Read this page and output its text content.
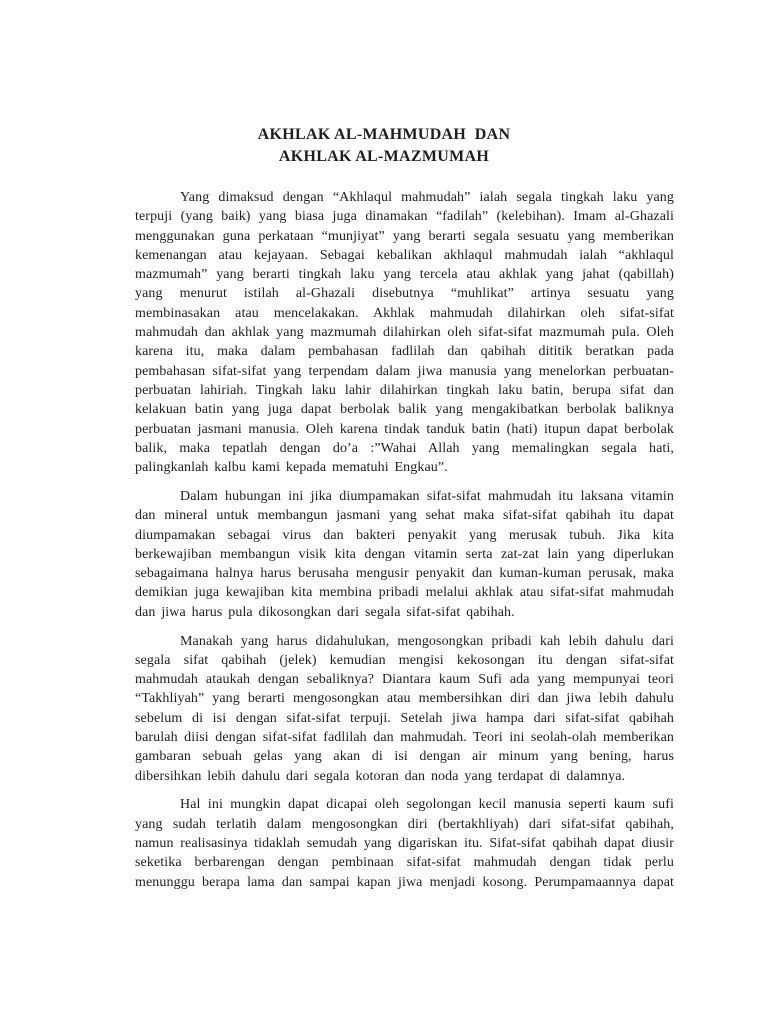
AKHLAK AL-MAHMUDAH  DAN
AKHLAK AL-MAZMUMAH

Yang dimaksud dengan “Akhlaqul mahmudah” ialah segala tingkah laku yang terpuji (yang baik) yang biasa juga dinamakan “fadilah” (kelebihan). Imam al-Ghazali menggunakan guna perkataan “munjiyat” yang berarti segala sesuatu yang memberikan kemenangan atau kejayaan. Sebagai kebalikan akhlaqul mahmudah ialah “akhlaqul mazmumah” yang berarti tingkah laku yang tercela atau akhlak yang jahat (qabillah) yang menurut istilah al-Ghazali disebutnya “muhlikat” artinya sesuatu yang membinasakan atau mencelakakan. Akhlak mahmudah dilahirkan oleh sifat-sifat mahmudah dan akhlak yang mazmumah dilahirkan oleh sifat-sifat mazmumah pula. Oleh karena itu, maka dalam pembahasan fadlilah dan qabihah dititik beratkan pada pembahasan sifat-sifat yang terpendam dalam jiwa manusia yang menelorkan perbuatan-perbuatan lahiriah. Tingkah laku lahir dilahirkan tingkah laku batin, berupa sifat dan kelakuan batin yang juga dapat berbolak balik yang mengakibatkan berbolak baliknya perbuatan jasmani manusia. Oleh karena tindak tanduk batin (hati) itupun dapat berbolak balik, maka tepatlah dengan do’a :”Wahai Allah yang memalingkan segala hati, palingkanlah kalbu kami kepada mematuhi Engkau”.

Dalam hubungan ini jika diumpamakan sifat-sifat mahmudah itu laksana vitamin dan mineral untuk membangun jasmani yang sehat maka sifat-sifat qabihah itu dapat diumpamakan sebagai virus dan bakteri penyakit yang merusak tubuh. Jika kita berkewajiban membangun visik kita dengan vitamin serta zat-zat lain yang diperlukan sebagaimana halnya harus berusaha mengusir penyakit dan kuman-kuman perusak, maka demikian juga kewajiban kita membina pribadi melalui akhlak atau sifat-sifat mahmudah dan jiwa harus pula dikosongkan dari segala sifat-sifat qabihah.

Manakah yang harus didahulukan, mengosongkan pribadi kah lebih dahulu dari segala sifat qabihah (jelek) kemudian mengisi kekosongan itu dengan sifat-sifat mahmudah ataukah dengan sebaliknya? Diantara kaum Sufi ada yang mempunyai teori “Takhliyah” yang berarti mengosongkan atau membersihkan diri dan jiwa lebih dahulu sebelum di isi dengan sifat-sifat terpuji. Setelah jiwa hampa dari sifat-sifat qabihah barulah diisi dengan sifat-sifat fadlilah dan mahmudah. Teori ini seolah-olah memberikan gambaran sebuah gelas yang akan di isi dengan air minum yang bening, harus dibersihkan lebih dahulu dari segala kotoran dan noda yang terdapat di dalamnya.

Hal ini mungkin dapat dicapai oleh segolongan kecil manusia seperti kaum sufi yang sudah terlatih dalam mengosongkan diri (bertakhliyah) dari sifat-sifat qabihah, namun realisasinya tidaklah semudah yang digariskan itu. Sifat-sifat qabihah dapat diusir seketika berbarengan dengan pembinaan sifat-sifat mahmudah dengan tidak perlu menunggu berapa lama dan sampai kapan jiwa menjadi kosong. Perumpamaannya dapat
